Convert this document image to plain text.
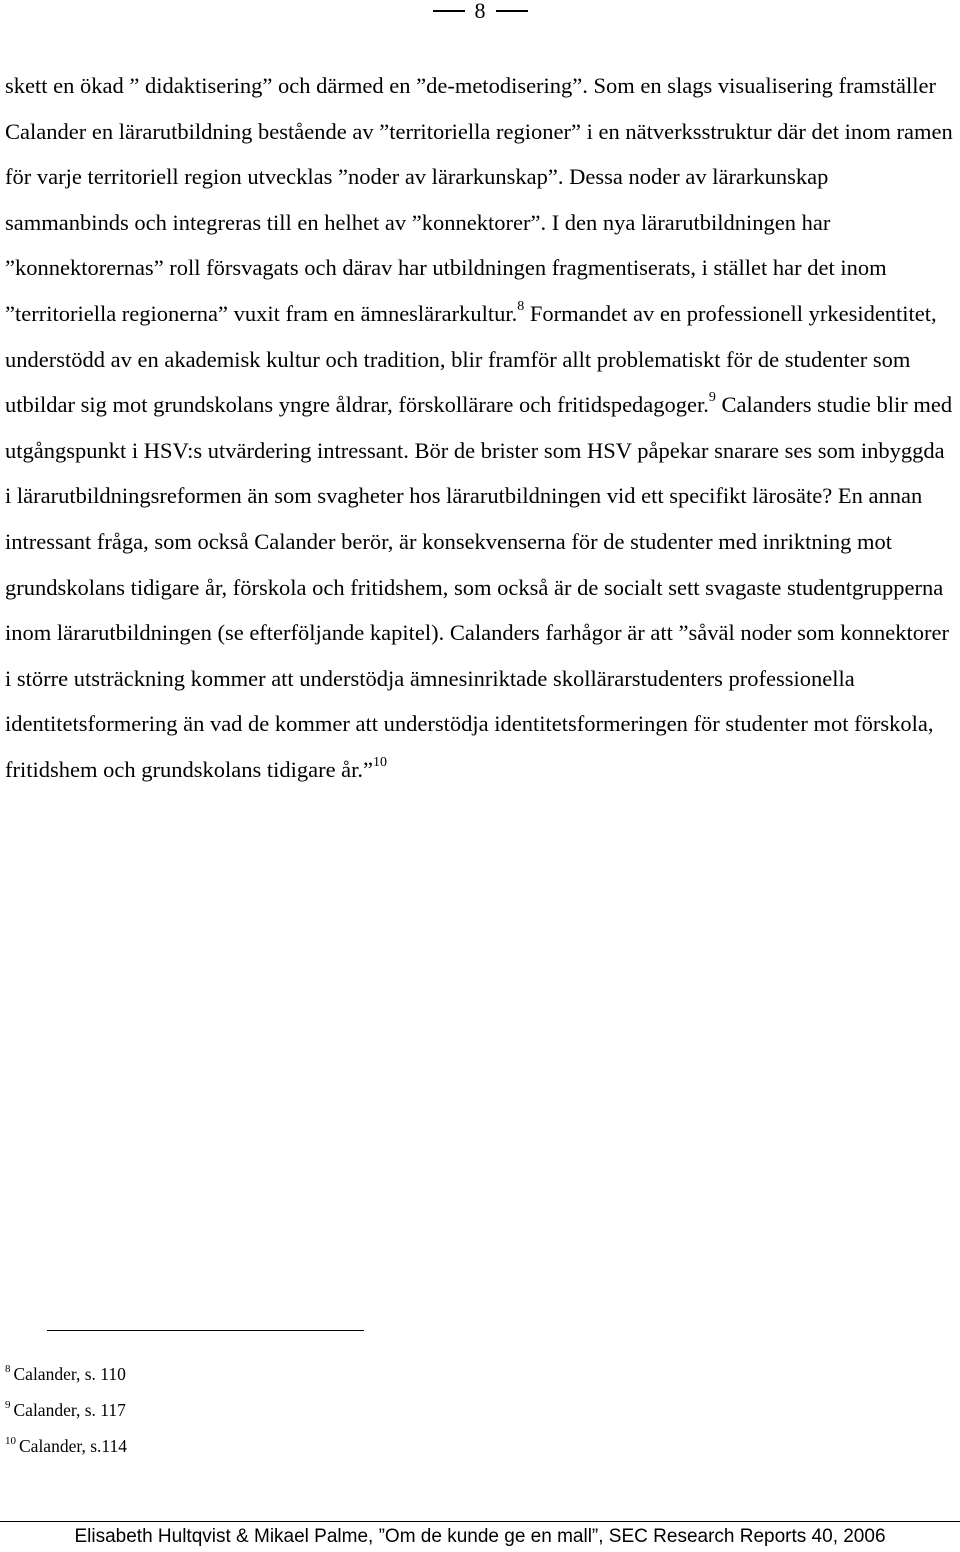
8

skett en ökad ” didaktisering” och därmed en ”de-metodisering”. Som en slags visualisering framställer Calander en lärarutbildning bestående av ”territoriella regioner” i en nätverksstruktur där det inom ramen för varje territoriell region utvecklas ”noder av lärarkunskap”. Dessa noder av lärarkunskap sammanbinds och integreras till en helhet av ”konnektorer”. I den nya lärarutbildningen har ”konnektorernas” roll försvagats och därav har utbildningen fragmentiserats, i stället har det inom ”territoriella regionerna” vuxit fram en ämneslärarkultur.$^8$ Formandet av en professionell yrkesidentitet, understödd av en akademisk kultur och tradition, blir framför allt problematiskt för de studenter som utbildar sig mot grundskolans yngre åldrar, förskollärare och fritidspedagoger.$^9$ Calanders studie blir med utgångspunkt i HSV:s utvärdering intressant. Bör de brister som HSV påpekar snarare ses som inbyggda i lärarutbildningsreformen än som svagheter hos lärarutbildningen vid ett specifikt lärosäte? En annan intressant fråga, som också Calander berör, är konsekvenserna för de studenter med inriktning mot grundskolans tidigare år, förskola och fritidshem, som också är de socialt sett svagaste studentgrupperna inom lärarutbildningen (se efterföljande kapitel). Calanders farhågor är att ”såväl noder som konnektorer i större utsträckning kommer att understödja ämnesinriktade skollärarstudenters professionella identitetsformering än vad de kommer att understödja identitetsformeringen för studenter mot förskola, fritidshem och grundskolans tidigare år.”$^{10}$

$^8$ Calander, s. 110
$^9$ Calander, s. 117
$^{10}$ Calander, s.114
Elisabeth Hultqvist & Mikael Palme, ”Om de kunde ge en mall”, SEC Research Reports 40, 2006
